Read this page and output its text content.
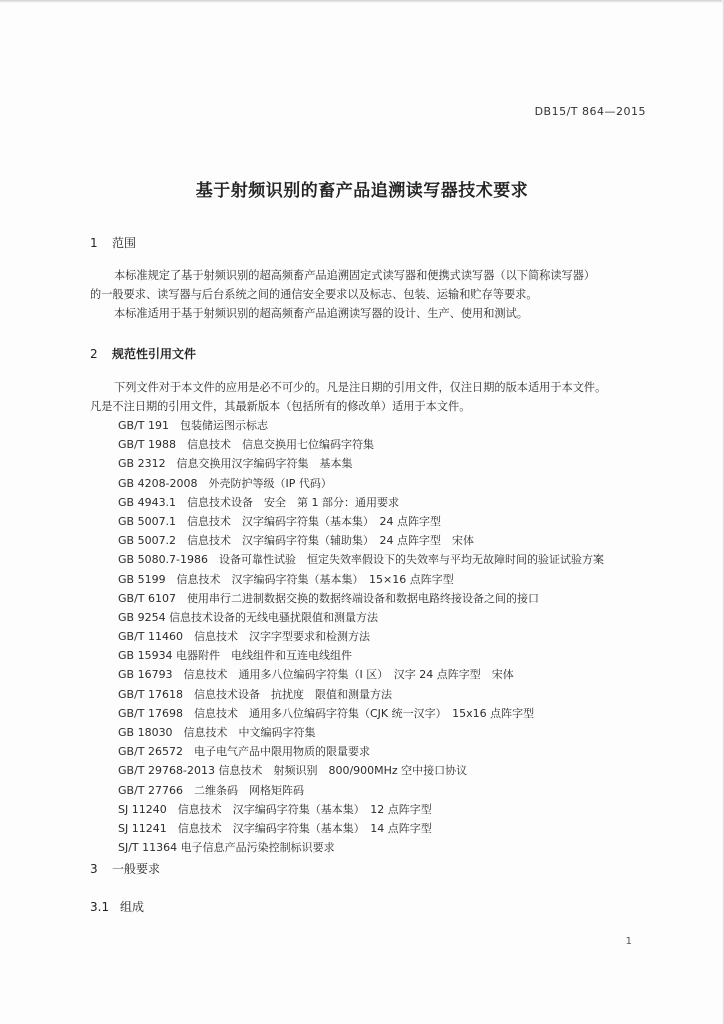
DB15/T 864—2015
基于射频识别的畜产品追溯读写器技术要求
1 范围
本标准规定了基于射频识别的超高频畜产品追溯固定式读写器和便携式读写器（以下简称读写器）
的一般要求、读写器与后台系统之间的通信安全要求以及标志、包装、运输和贮存等要求。
本标准适用于基于射频识别的超高频畜产品追溯读写器的设计、生产、使用和测试。
2 规范性引用文件
下列文件对于本文件的应用是必不可少的。凡是注日期的引用文件，仅注日期的版本适用于本文件。
凡是不注日期的引用文件，其最新版本（包括所有的修改单）适用于本文件。
GB/T 191　包装储运图示标志
GB/T 1988　信息技术　信息交换用七位编码字符集
GB 2312　信息交换用汉字编码字符集　基本集
GB 4208-2008　外壳防护等级（IP 代码）
GB 4943.1　信息技术设备　安全　第 1 部分：通用要求
GB 5007.1　信息技术　汉字编码字符集（基本集）　24 点阵字型
GB 5007.2　信息技术　汉字编码字符集（辅助集）　24 点阵字型　宋体
GB 5080.7-1986　设备可靠性试验　恒定失效率假设下的失效率与平均无故障时间的验证试验方案
GB 5199　信息技术　汉字编码字符集（基本集）　15×16 点阵字型
GB/T 6107　使用串行二进制数据交换的数据终端设备和数据电路终接设备之间的接口
GB 9254 信息技术设备的无线电骚扰限值和测量方法
GB/T 11460　信息技术　汉字字型要求和检测方法
GB 15934 电器附件　电线组件和互连电线组件
GB 16793　信息技术　通用多八位编码字符集（I 区）　汉字 24 点阵字型　宋体
GB/T 17618　信息技术设备　抗扰度　限值和测量方法
GB/T 17698　信息技术　通用多八位编码字符集（CJK 统一汉字）　15x16 点阵字型
GB 18030　信息技术　中文编码字符集
GB/T 26572　电子电气产品中限用物质的限量要求
GB/T 29768-2013 信息技术　射频识别　800/900MHz 空中接口协议
GB/T 27766　二维条码　网格矩阵码
SJ 11240　信息技术　汉字编码字符集（基本集）　12 点阵字型
SJ 11241　信息技术　汉字编码字符集（基本集）　14 点阵字型
SJ/T 11364 电子信息产品污染控制标识要求
3 一般要求
3.1 组成
1
